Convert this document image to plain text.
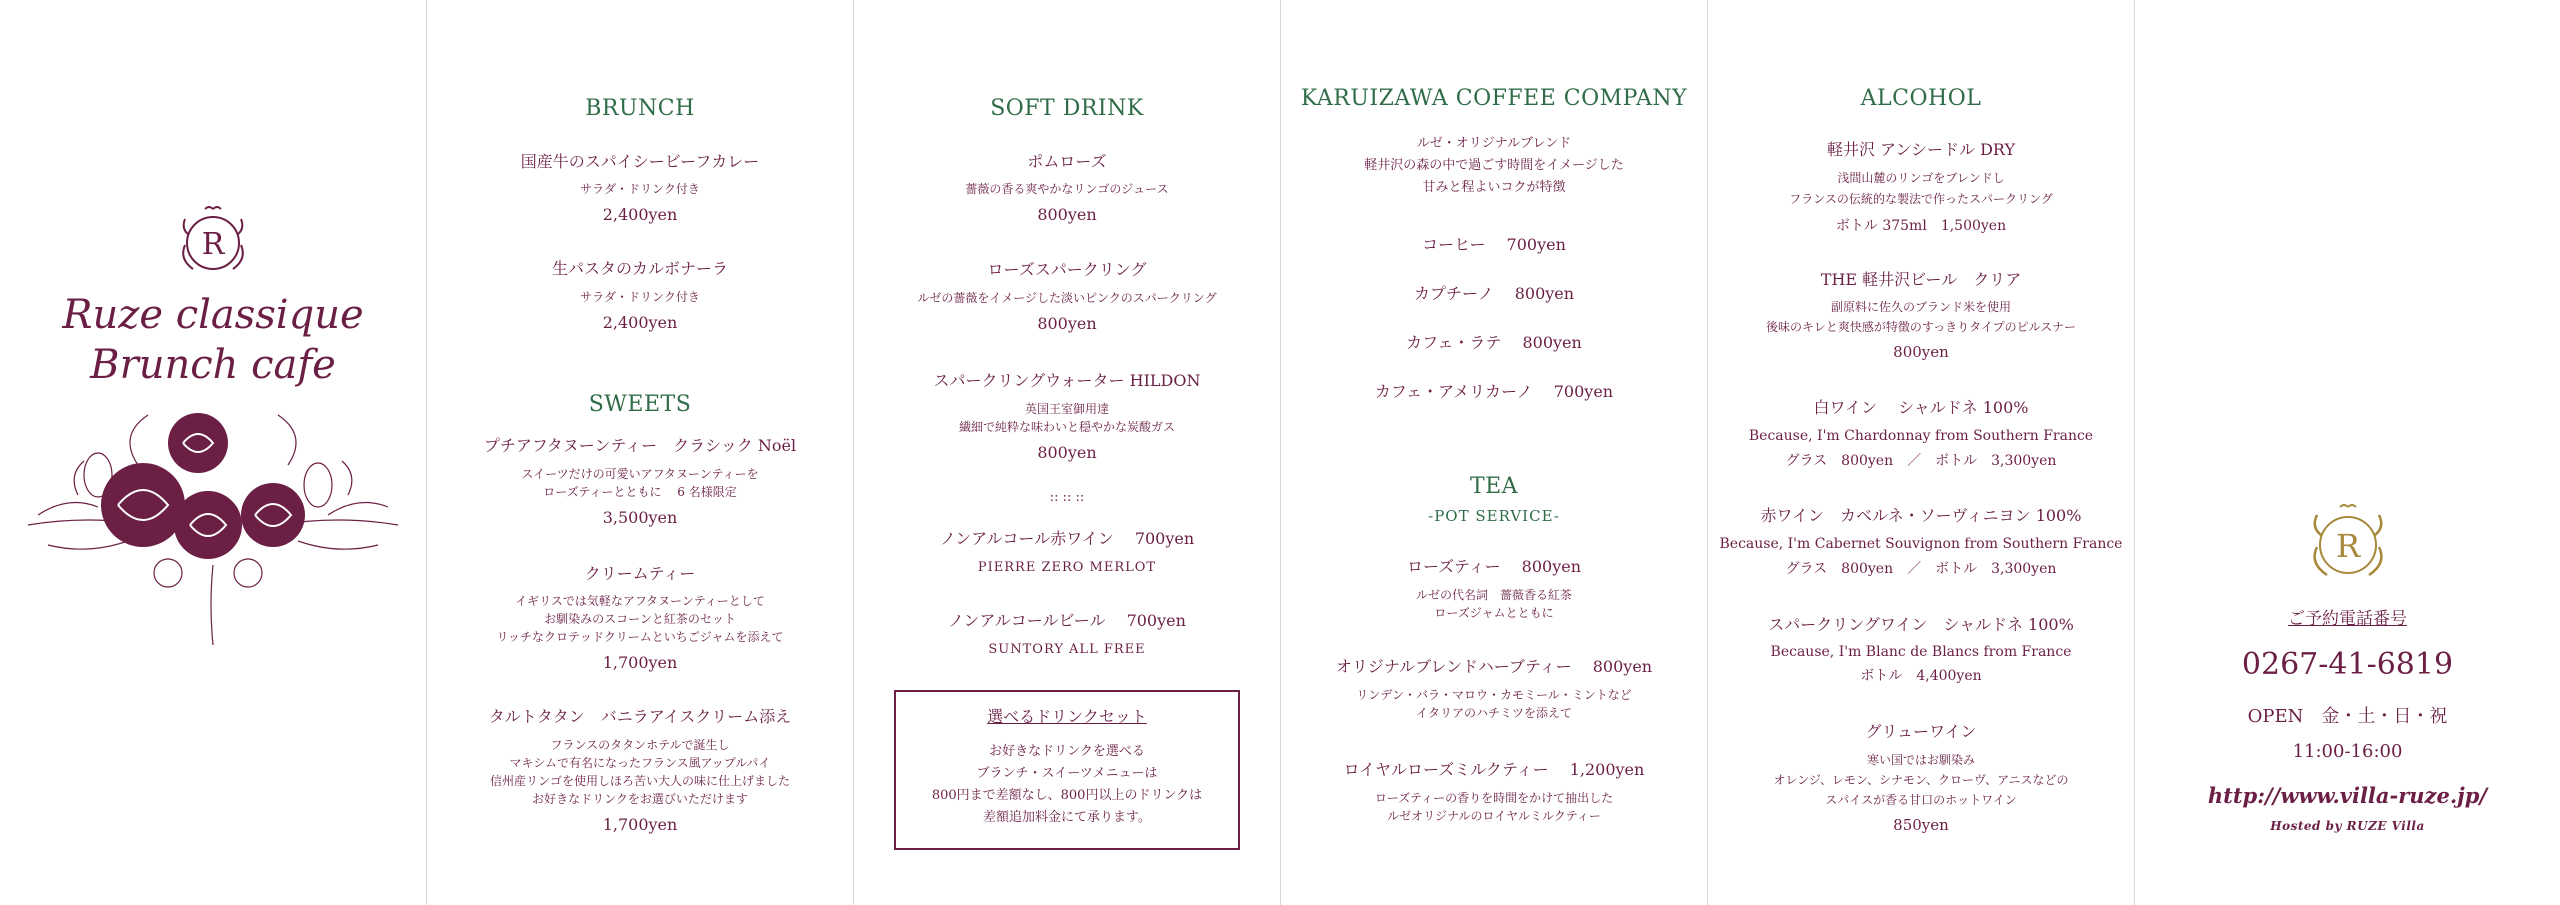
R
Ruze classique
Brunch cafe
BRUNCH
国産牛のスパイシービーフカレー
サラダ・ドリンク付き
2,400yen
生パスタのカルボナーラ
サラダ・ドリンク付き
2,400yen
SWEETS
プチアフタヌーンティー　クラシック Noël
スイーツだけの可愛いアフタヌーンティーを
ローズティーとともに　 6 名様限定
3,500yen
クリームティー
イギリスでは気軽なアフタヌーンティーとして
お馴染みのスコーンと紅茶のセット
リッチなクロテッドクリームといちごジャムを添えて
1,700yen
タルトタタン　バニラアイスクリーム添え
フランスのタタンホテルで誕生し
マキシムで有名になったフランス風アップルパイ
信州産リンゴを使用しほろ苦い大人の味に仕上げました
お好きなドリンクをお選びいただけます
1,700yen
SOFT DRINK
ポムローズ
薔薇の香る爽やかなリンゴのジュース
800yen
ローズスパークリング
ルゼの薔薇をイメージした淡いピンクのスパークリング
800yen
スパークリングウォーター HILDON
英国王室御用達
繊細で純粋な味わいと穏やかな炭酸ガス
800yen
:: :: ::
ノンアルコール赤ワイン　 700yen
PIERRE ZERO MERLOT
ノンアルコールビール　 700yen
SUNTORY ALL FREE
選べるドリンクセット
お好きなドリンクを選べる
ブランチ・スイーツメニューは
800円まで差額なし、800円以上のドリンクは
差額追加料金にて承ります。
KARUIZAWA COFFEE COMPANY
ルゼ・オリジナルブレンド
軽井沢の森の中で過ごす時間をイメージした
甘みと程よいコクが特徴
コーヒー　 700yen
カプチーノ　 800yen
カフェ・ラテ　 800yen
カフェ・アメリカーノ　 700yen
TEA
-POT SERVICE-
ローズティー　 800yen
ルゼの代名詞　薔薇香る紅茶
ローズジャムとともに
オリジナルブレンドハーブティー　 800yen
リンデン・バラ・マロウ・カモミール・ミントなど
イタリアのハチミツを添えて
ロイヤルローズミルクティー　 1,200yen
ローズティーの香りを時間をかけて抽出した
ルゼオリジナルのロイヤルミルクティー
ALCOHOL
軽井沢 アンシードル DRY
浅間山麓のリンゴをブレンドし
フランスの伝統的な製法で作ったスパークリング
ボトル 375ml　1,500yen
THE 軽井沢ビール　クリア
副原料に佐久のブランド米を使用
後味のキレと爽快感が特徴のすっきりタイプのピルスナー
800yen
白ワイン　 シャルドネ 100%
Because, I'm Chardonnay from Southern France
グラス　800yen　／　ボトル　3,300yen
赤ワイン　カベルネ・ソーヴィニヨン 100%
Because, I'm Cabernet Souvignon from Southern France
グラス　800yen　／　ボトル　3,300yen
スパークリングワイン　シャルドネ 100%
Because, I'm Blanc de Blancs from France
ボトル　4,400yen
グリューワイン
寒い国ではお馴染み
オレンジ、レモン、シナモン、クローヴ、アニスなどの
スパイスが香る甘口のホットワイン
850yen
R
ご予約電話番号
0267-41-6819
OPEN　金・土・日・祝
11:00-16:00
http://www.villa-ruze.jp/
Hosted by RUZE Villa
